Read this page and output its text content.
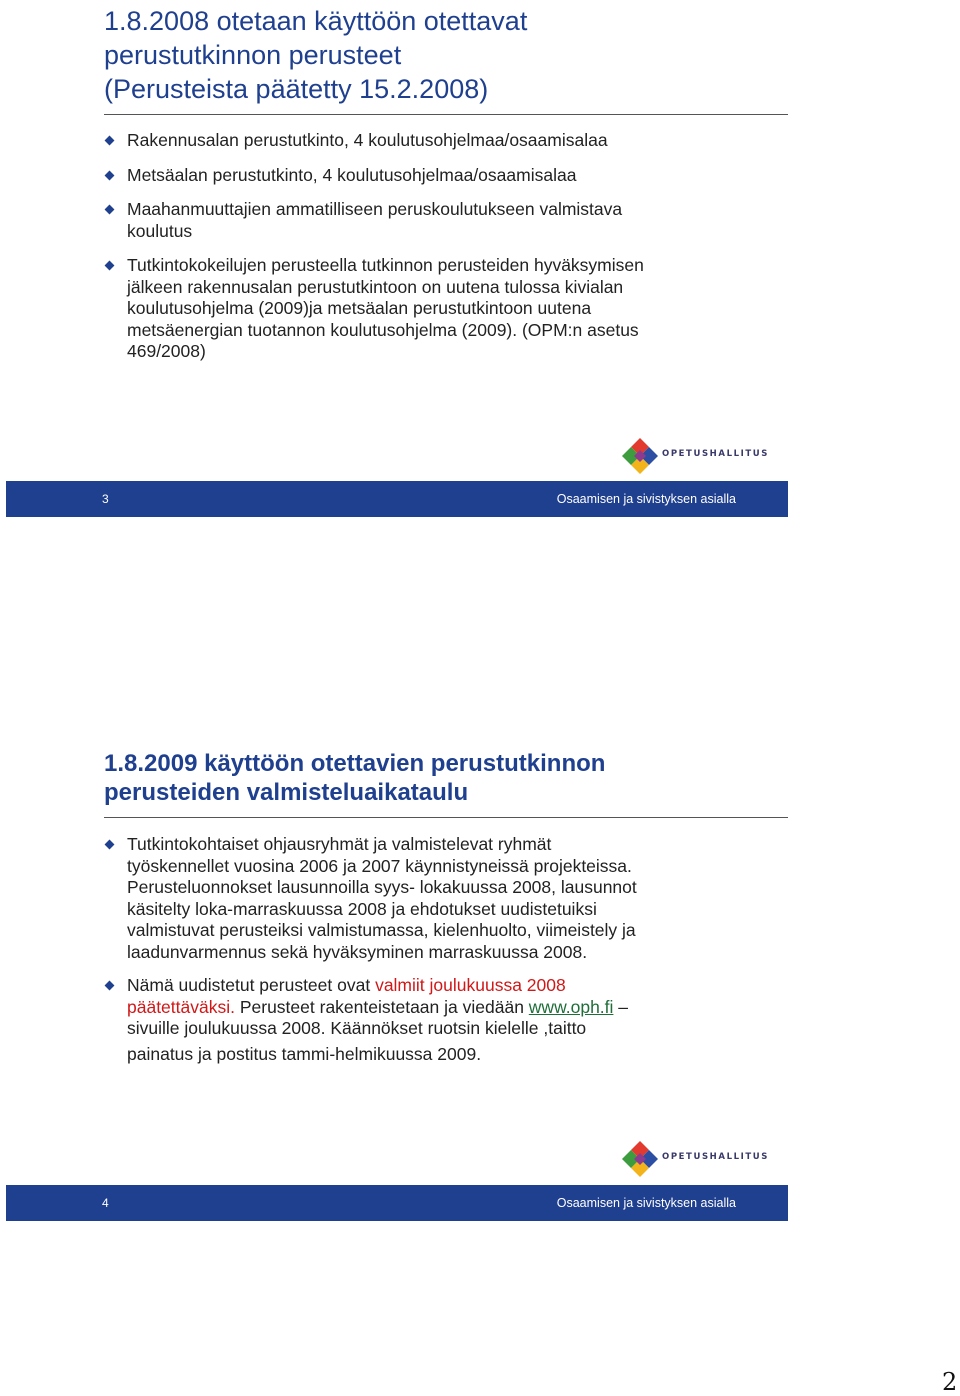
1.8.2008 otetaan käyttöön otettavat
perustutkinnon perusteet
(Perusteista päätetty 15.2.2008)
Rakennusalan perustutkinto, 4 koulutusohjelmaa/osaamisalaa
Metsäalan perustutkinto, 4 koulutusohjelmaa/osaamisalaa
Maahanmuuttajien ammatilliseen peruskoulutukseen valmistava
koulutus
Tutkintokokeilujen perusteella tutkinnon perusteiden hyväksymisen
jälkeen rakennusalan perustutkintoon on uutena tulossa kivialan
koulutusohjelma (2009)ja metsäalan perustutkintoon uutena
metsäenergian tuotannon koulutusohjelma (2009). (OPM:n asetus
469/2008)
OPETUSHALLITUS
3	Osaamisen ja sivistyksen asialla
1.8.2009 käyttöön otettavien perustutkinnon
perusteiden valmisteluaikataulu
Tutkintokohtaiset ohjausryhmät ja valmistelevat ryhmät
työskennellet vuosina 2006 ja 2007 käynnistyneissä projekteissa.
Perusteluonnokset lausunnoilla syys- lokakuussa 2008, lausunnot
käsitelty loka-marraskuussa 2008 ja ehdotukset uudistetuiksi
valmistuvat perusteiksi valmistumassa, kielenhuolto, viimeistely ja
laadunvarmennus sekä hyväksyminen marraskuussa 2008.
Nämä uudistetut perusteet ovat valmiit joulukuussa 2008
päätettäväksi. Perusteet rakenteistetaan ja viedään www.oph.fi –
sivuille joulukuussa 2008. Käännökset ruotsin kielelle ,taitto
painatus ja postitus tammi-helmikuussa 2009.
OPETUSHALLITUS
4	Osaamisen ja sivistyksen asialla
2
